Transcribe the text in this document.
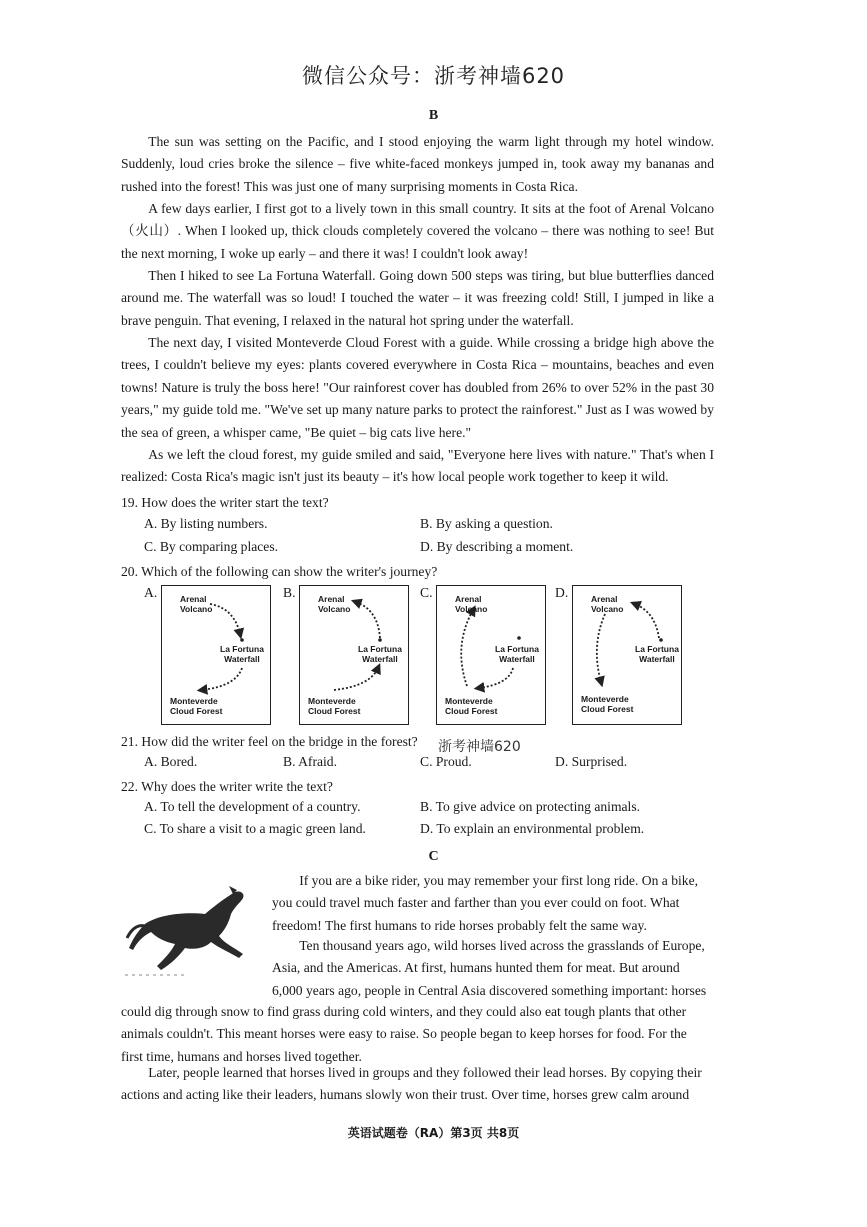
微信公众号：浙考神墙620
B
The sun was setting on the Pacific, and I stood enjoying the warm light through my hotel window. Suddenly, loud cries broke the silence – five white-faced monkeys jumped in, took away my bananas and rushed into the forest! This was just one of many surprising moments in Costa Rica.
A few days earlier, I first got to a lively town in this small country. It sits at the foot of Arenal Volcano（火山）. When I looked up, thick clouds completely covered the volcano – there was nothing to see! But the next morning, I woke up early – and there it was! I couldn't look away!
Then I hiked to see La Fortuna Waterfall. Going down 500 steps was tiring, but blue butterflies danced around me. The waterfall was so loud! I touched the water – it was freezing cold! Still, I jumped in like a brave penguin. That evening, I relaxed in the natural hot spring under the waterfall.
The next day, I visited Monteverde Cloud Forest with a guide. While crossing a bridge high above the trees, I couldn't believe my eyes: plants covered everywhere in Costa Rica – mountains, beaches and even towns! Nature is truly the boss here! "Our rainforest cover has doubled from 26% to over 52% in the past 30 years," my guide told me. "We've set up many nature parks to protect the rainforest." Just as I was wowed by the sea of green, a whisper came, "Be quiet – big cats live here."
As we left the cloud forest, my guide smiled and said, "Everyone here lives with nature." That's when I realized: Costa Rica's magic isn't just its beauty – it's how local people work together to keep it wild.
19. How does the writer start the text?
A. By listing numbers.	B. By asking a question.
C. By comparing places.	D. By describing a moment.
20. Which of the following can show the writer's journey?
A.	Arenal
Volcano
La Fortuna
Waterfall
Monteverde
Cloud Forest
B.	Arenal
Volcano
La Fortuna
Waterfall
Monteverde
Cloud Forest
C.	Arenal
Volcano
La Fortuna
Waterfall
Monteverde
Cloud Forest
D.	Arenal
Volcano
La Fortuna
Waterfall
Monteverde
Cloud Forest
21. How did the writer feel on the bridge in the forest? 浙考神墙620
A. Bored.	B. Afraid.	C. Proud.	D. Surprised.
22. Why does the writer write the text?
A. To tell the development of a country.	B. To give advice on protecting animals.
C. To share a visit to a magic green land.	D. To explain an environmental problem.
C
If you are a bike rider, you may remember your first long ride. On a bike,
you could travel much faster and farther than you ever could on foot. What
freedom! The first humans to ride horses probably felt the same way.
Ten thousand years ago, wild horses lived across the grasslands of Europe,
Asia, and the Americas. At first, humans hunted them for meat. But around
6,000 years ago, people in Central Asia discovered something important: horses
could dig through snow to find grass during cold winters, and they could also eat tough plants that other
animals couldn't. This meant horses were easy to raise. So people began to keep horses for food. For the
first time, humans and horses lived together.
Later, people learned that horses lived in groups and they followed their lead horses. By copying their
actions and acting like their leaders, humans slowly won their trust. Over time, horses grew calm around
英语试题卷（RA）第3页 共8页
